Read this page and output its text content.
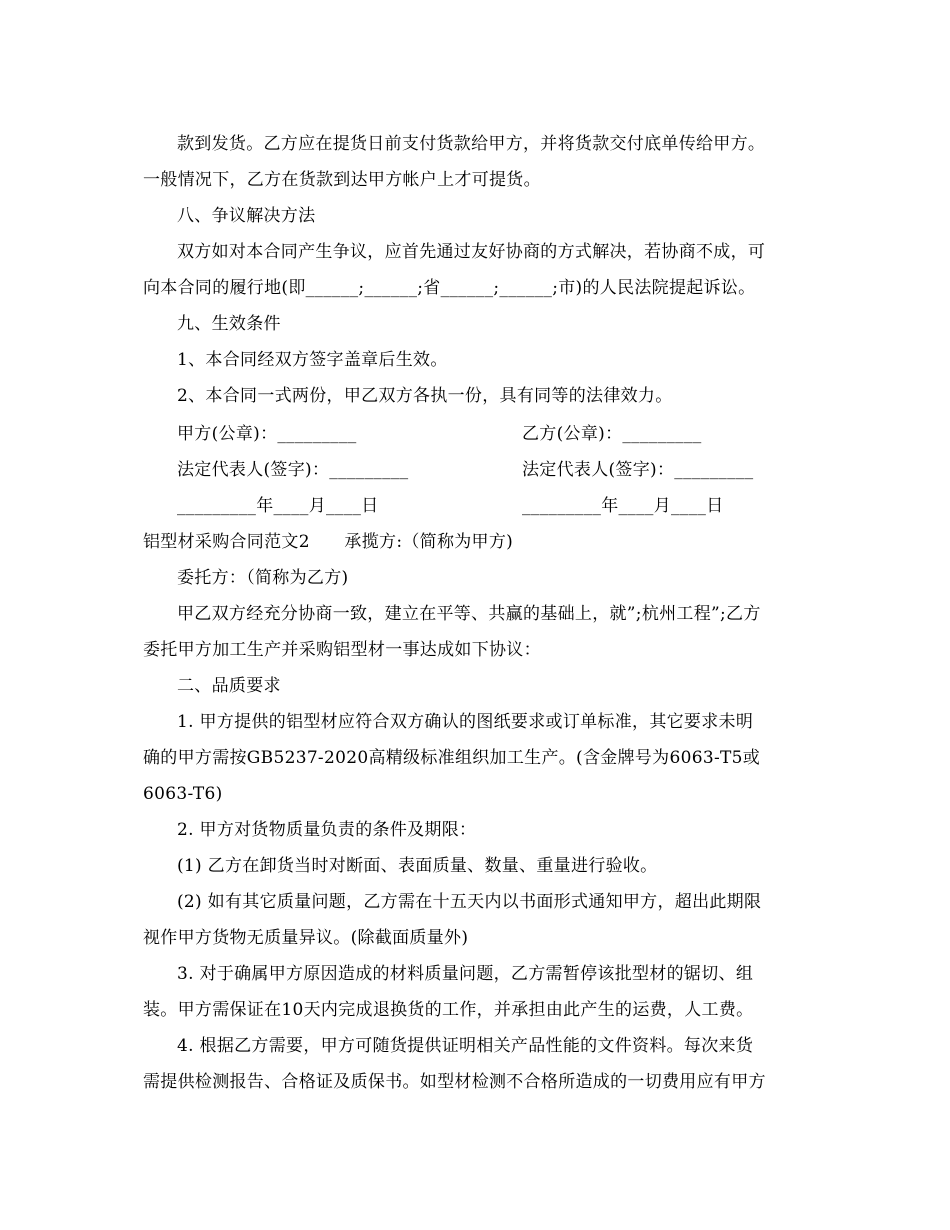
款到发货。乙方应在提货日前支付货款给甲方，并将货款交付底单传给甲方。
一般情况下，乙方在货款到达甲方帐户上才可提货。
八、争议解决方法
双方如对本合同产生争议，应首先通过友好协商的方式解决，若协商不成，可
向本合同的履行地(即______;______;省______;______;市)的人民法院提起诉讼。
九、生效条件
1、本合同经双方签字盖章后生效。
2、本合同一式两份，甲乙双方各执一份，具有同等的法律效力。
甲方(公章)：_________	乙方(公章)：_________
法定代表人(签字)：_________	法定代表人(签字)：_________
_________年____月____日	_________年____月____日
铝型材采购合同范文2　　承揽方:（简称为甲方)
委托方：（简称为乙方)
甲乙双方经充分协商一致，建立在平等、共赢的基础上，就”;杭州工程”;乙方
委托甲方加工生产并采购铝型材一事达成如下协议：
二、品质要求
1. 甲方提供的铝型材应符合双方确认的图纸要求或订单标准，其它要求未明
确的甲方需按GB5237-2020高精级标准组织加工生产。(含金牌号为6063-T5或
6063-T6)
2. 甲方对货物质量负责的条件及期限：
(1) 乙方在卸货当时对断面、表面质量、数量、重量进行验收。
(2) 如有其它质量问题，乙方需在十五天内以书面形式通知甲方，超出此期限
视作甲方货物无质量异议。(除截面质量外)
3. 对于确属甲方原因造成的材料质量问题，乙方需暂停该批型材的锯切、组
装。甲方需保证在10天内完成退换货的工作，并承担由此产生的运费，人工费。
4. 根据乙方需要，甲方可随货提供证明相关产品性能的文件资料。每次来货
需提供检测报告、合格证及质保书。如型材检测不合格所造成的一切费用应有甲方
